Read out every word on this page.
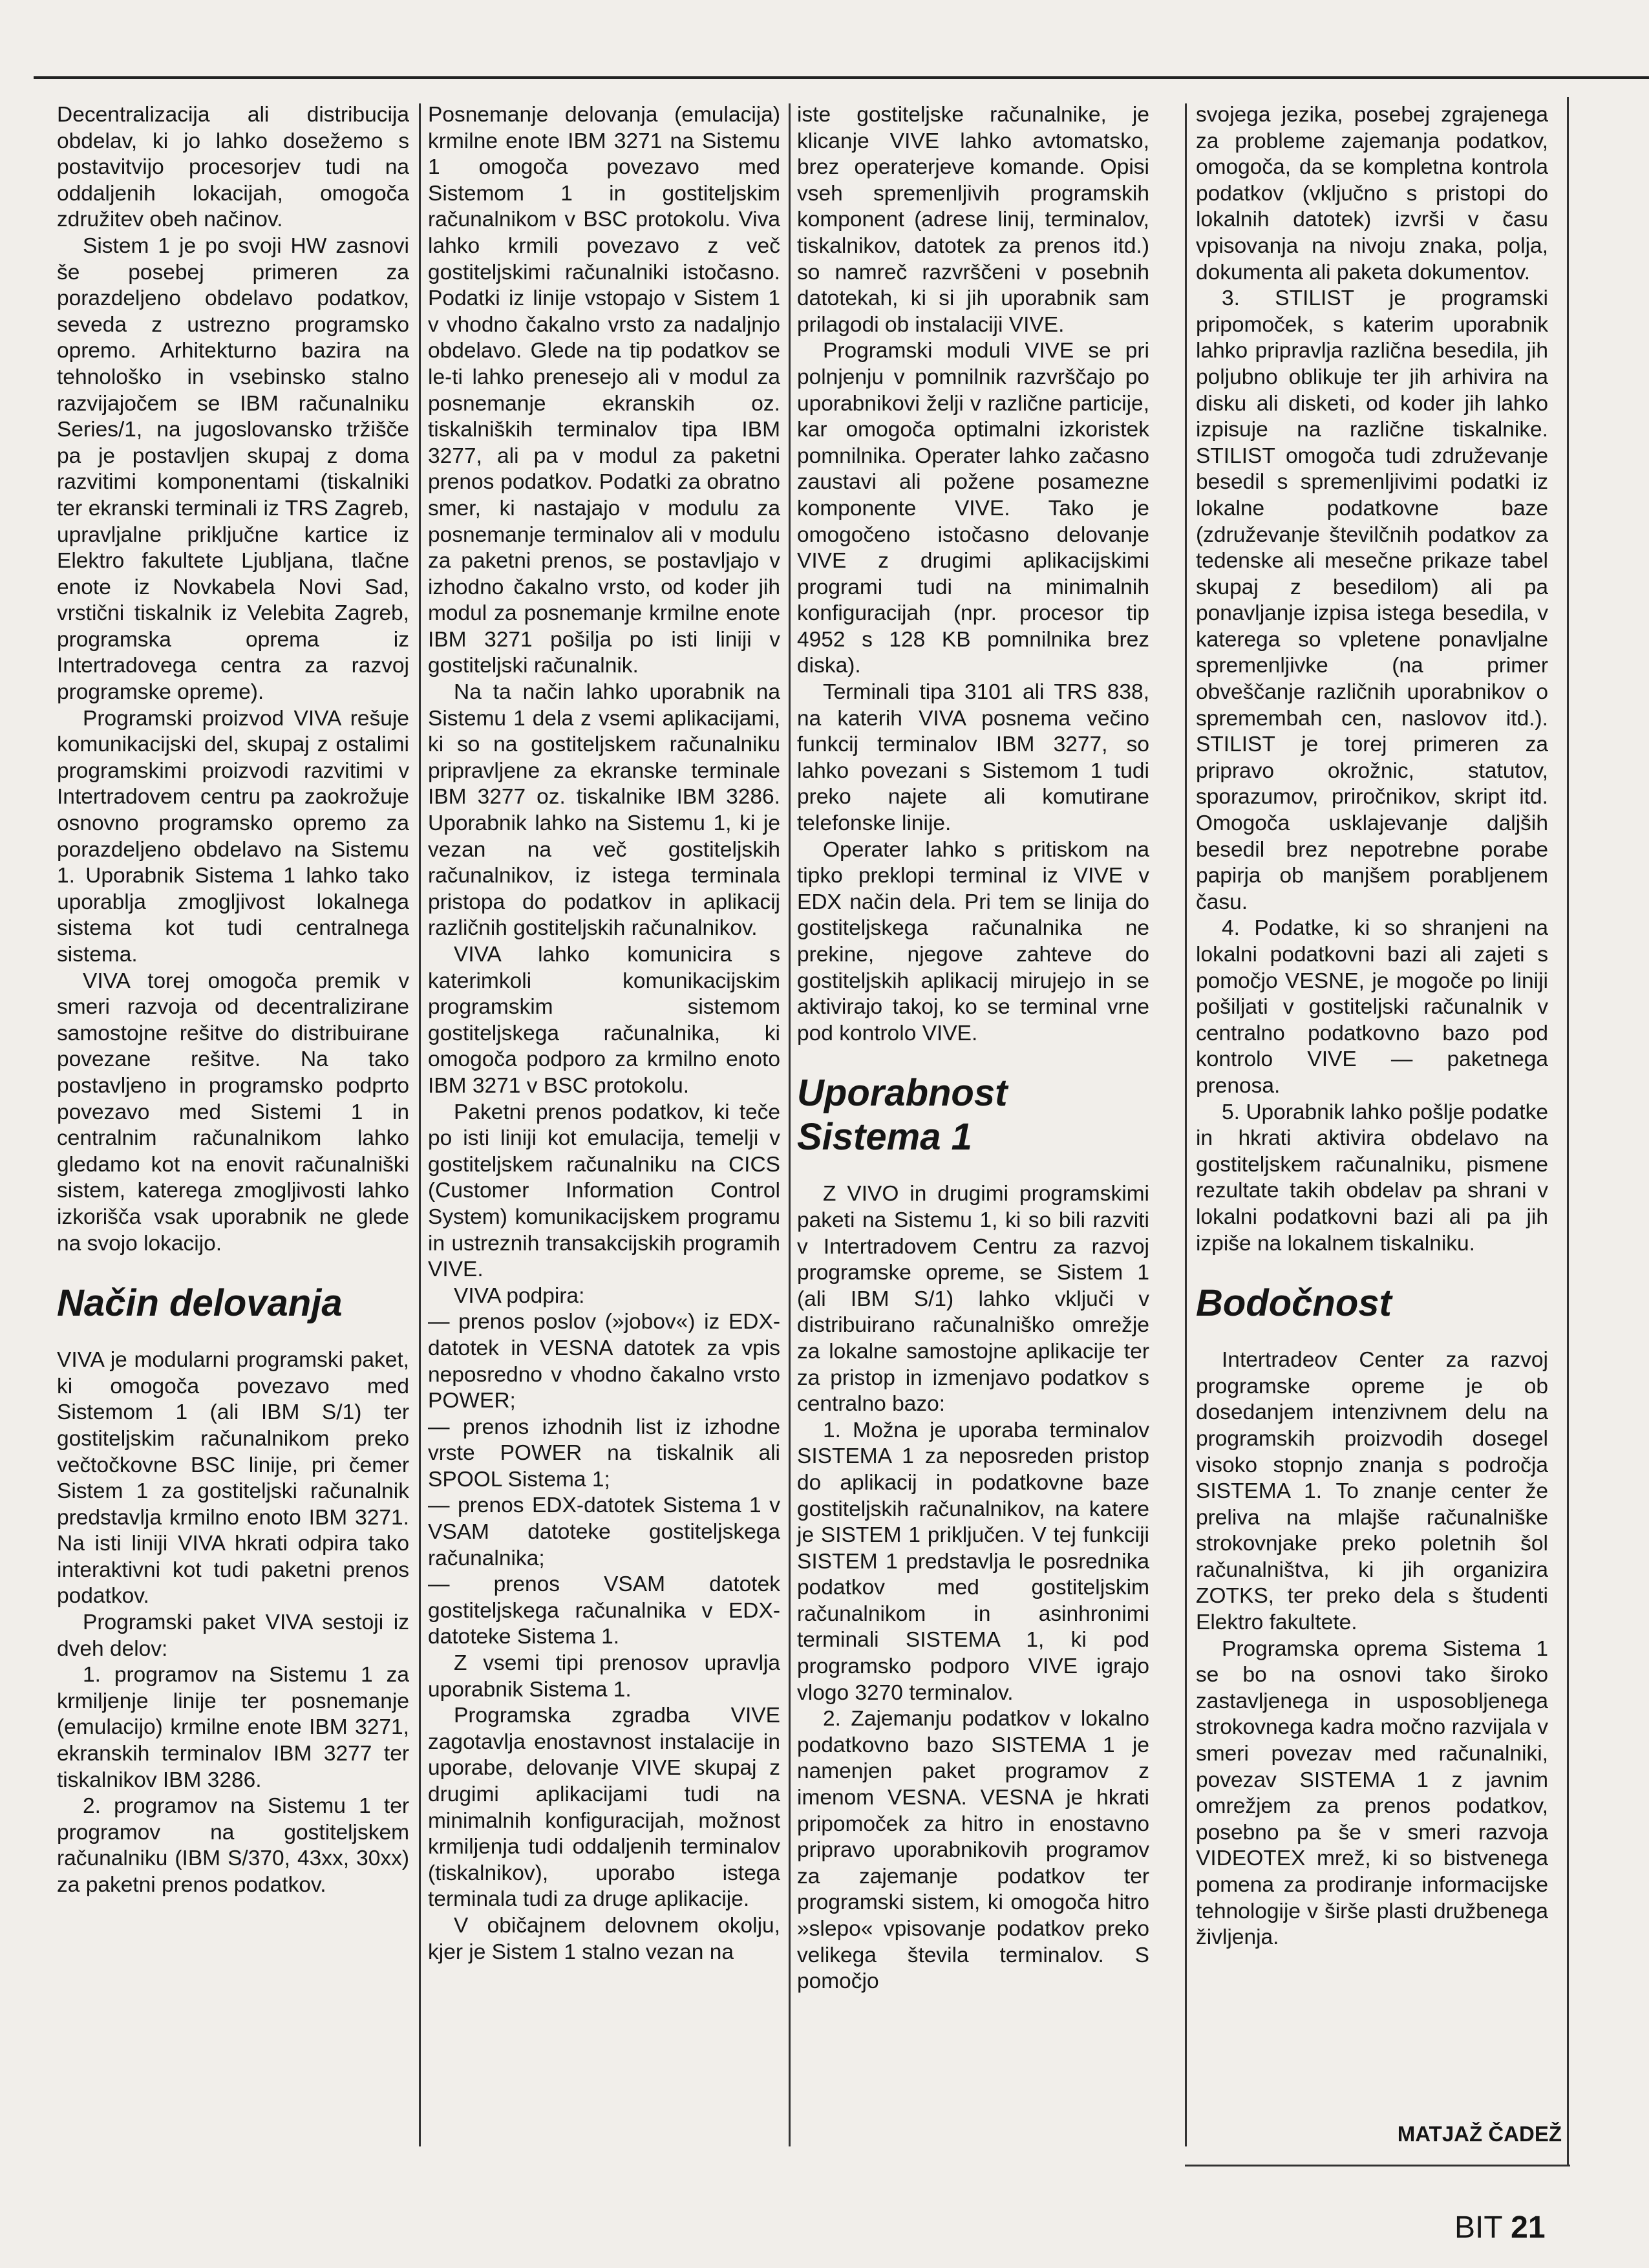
Decentralizacija ali distribucija obdelav, ki jo lahko dosežemo s postavitvijo procesorjev tudi na oddaljenih lokacijah, omogoča združitev obeh načinov.

Sistem 1 je po svoji HW zasnovi še posebej primeren za porazdeljeno obdelavo podatkov, seveda z ustrezno programsko opremo. Arhitekturno bazira na tehnološko in vsebinsko stalno razvijajočem se IBM računalniku Series/1, na jugoslovansko tržišče pa je postavljen skupaj z doma razvitimi komponentami (tiskalniki ter ekranski terminali iz TRS Zagreb, upravljalne priključne kartice iz Elektro fakultete Ljubljana, tlačne enote iz Novkabela Novi Sad, vrstični tiskalnik iz Velebita Zagreb, programska oprema iz Intertradovega centra za razvoj programske opreme).

Programski proizvod VIVA rešuje komunikacijski del, skupaj z ostalimi programskimi proizvodi razvitimi v Intertradovem centru pa zaokrožuje osnovno programsko opremo za porazdeljeno obdelavo na Sistemu 1. Uporabnik Sistema 1 lahko tako uporablja zmogljivost lokalnega sistema kot tudi centralnega sistema.

VIVA torej omogoča premik v smeri razvoja od decentraliziranе samostojne rešitve do distribuirane povezane rešitve. Na tako postavljeno in programsko podprto povezavo med Sistemi 1 in centralnim računalnikom lahko gledamo kot na enovit računalniški sistem, katerega zmogljivosti lahko izkorišča vsak uporabnik ne glede na svojo lokacijo.

Način delovanja

VIVA je modularni programski paket, ki omogoča povezavo med Sistemom 1 (ali IBM S/1) ter gostiteljskim računalnikom preko večtočkovne BSC linije, pri čemer Sistem 1 za gostiteljski računalnik predstavlja krmilno enoto IBM 3271. Na isti liniji VIVA hkrati odpira tako interaktivni kot tudi paketni prenos podatkov.

Programski paket VIVA sestoji iz dveh delov:

1. programov na Sistemu 1 za krmiljenje linije ter posnemanje (emulacijo) krmilne enote IBM 3271, ekranskih terminalov IBM 3277 ter tiskalnikov IBM 3286.

2. programov na Sistemu 1 ter programov na gostiteljskem računalniku (IBM S/370, 43xx, 30xx) za paketni prenos podatkov.

Posnemanje delovanja (emulacija) krmilne enote IBM 3271 na Sistemu 1 omogoča povezavo med Sistemom 1 in gostiteljskim računalnikom v BSC protokolu. Viva lahko krmili povezavo z več gostiteljskimi računalniki istočasno. Podatki iz linije vstopajo v Sistem 1 v vhodno čakalno vrsto za nadaljnjo obdelavo. Glede na tip podatkov se le-ti lahko prenesejo ali v modul za posnemanje ekranskih oz. tiskalniških terminalov tipa IBM 3277, ali pa v modul za paketni prenos podatkov. Podatki za obratno smer, ki nastajajo v modulu za posnemanje terminalov ali v modulu za paketni prenos, se postavljajo v izhodno čakalno vrsto, od koder jih modul za posnemanje krmilne enote IBM 3271 pošilja po isti liniji v gostiteljski računalnik.

Na ta način lahko uporabnik na Sistemu 1 dela z vsemi aplikacijami, ki so na gostiteljskem računalniku pripravljene za ekranske terminale IBM 3277 oz. tiskalnike IBM 3286. Uporabnik lahko na Sistemu 1, ki je vezan na več gostiteljskih računalnikov, iz istega terminala pristopa do podatkov in aplikacij različnih gostiteljskih računalnikov.

VIVA lahko komunicira s katerimkoli komunikacijskim programskim sistemom gostiteljskega računalnika, ki omogoča podporo za krmilno enoto IBM 3271 v BSC protokolu.

Paketni prenos podatkov, ki teče po isti liniji kot emulacija, temelji v gostiteljskem računalniku na CICS (Customer Information Control System) komunikacijskem programu in ustreznih transakcijskih programih VIVE.

VIVA podpira:

— prenos poslov (»jobov«) iz EDX-datotek in VESNA datotek za vpis neposredno v vhodno čakalno vrsto POWER;

— prenos izhodnih list iz izhodne vrste POWER na tiskalnik ali SPOOL Sistema 1;

— prenos EDX-datotek Sistema 1 v VSAM datoteke gostiteljskega računalnika;

— prenos VSAM datotek gostiteljskega računalnika v EDX-datoteke Sistema 1.

Z vsemi tipi prenosov upravlja uporabnik Sistema 1.

Programska zgradba VIVE zagotavlja enostavnost instalacije in uporabe, delovanje VIVE skupaj z drugimi aplikacijami tudi na minimalnih konfiguracijah, možnost krmiljenja tudi oddaljenih terminalov (tiskalnikov), uporabo istega terminala tudi za druge aplikacije.

V običajnem delovnem okolju, kjer je Sistem 1 stalno vezan na

iste gostiteljske računalnike, je klicanje VIVE lahko avtomatsko, brez operaterjeve komande. Opisi vseh spremenljivih programskih komponent (adrese linij, terminalov, tiskalnikov, datotek za prenos itd.) so namreč razvrščeni v posebnih datotekah, ki si jih uporabnik sam prilagodi ob instalaciji VIVE.

Programski moduli VIVE se pri polnjenju v pomnilnik razvrščajo po uporabnikovi želji v različne particije, kar omogoča optimalni izkoristek pomnilnika. Operater lahko začasno zaustavi ali požene posamezne komponente VIVE. Tako je omogočeno istočasno delovanje VIVE z drugimi aplikacijskimi programi tudi na minimalnih konfiguracijah (npr. procesor tip 4952 s 128 KB pomnilnika brez diska).

Terminali tipa 3101 ali TRS 838, na katerih VIVA posnema večino funkcij terminalov IBM 3277, so lahko povezani s Sistemom 1 tudi preko najete ali komutirane telefonske linije.

Operater lahko s pritiskom na tipko preklopi terminal iz VIVE v EDX način dela. Pri tem se linija do gostiteljskega računalnika ne prekine, njegove zahteve do gostiteljskih aplikacij mirujejo in se aktivirajo takoj, ko se terminal vrne pod kontrolo VIVE.

Uporabnost Sistema 1

Z VIVO in drugimi programskimi paketi na Sistemu 1, ki so bili razviti v Intertradovem Centru za razvoj programske opreme, se Sistem 1 (ali IBM S/1) lahko vključi v distribuirano računalniško omrežje za lokalne samostojne aplikacije ter za pristop in izmenjavo podatkov s centralno bazo:

1. Možna je uporaba terminalov SISTEMA 1 za neposreden pristop do aplikacij in podatkovne baze gostiteljskih računalnikov, na katere je SISTEM 1 priključen. V tej funkciji SISTEM 1 predstavlja le posrednika podatkov med gostiteljskim računalnikom in asinhronimi terminali SISTEMA 1, ki pod programsko podporo VIVE igrajo vlogo 3270 terminalov.

2. Zajemanju podatkov v lokalno podatkovno bazo SISTEMA 1 je namenjen paket programov z imenom VESNA. VESNA je hkrati pripomoček za hitro in enostavno pripravo uporabnikovih programov za zajemanje podatkov ter programski sistem, ki omogoča hitro »slepo« vpisovanje podatkov preko velikega števila terminalov. S pomočjo

svojega jezika, posebej zgrajenega za probleme zajemanja podatkov, omogoča, da se kompletna kontrola podatkov (vključno s pristopi do lokalnih datotek) izvrši v času vpisovanja na nivoju znaka, polja, dokumenta ali paketa dokumentov.

3. STILIST je programski pripomoček, s katerim uporabnik lahko pripravlja različna besedila, jih poljubno oblikuje ter jih arhivira na disku ali disketi, od koder jih lahko izpisuje na različne tiskalnike. STILIST omogoča tudi združevanje besedil s spremenljivimi podatki iz lokalne podatkovne baze (združevanje številčnih podatkov za tedenske ali mesečne prikaze tabel skupaj z besedilom) ali pa ponavljanje izpisa istega besedila, v katerega so vpletene ponavljalne spremenljivke (na primer obveščanje različnih uporabnikov o spremembah cen, naslovov itd.). STILIST je torej primeren za pripravo okrožnic, statutov, sporazumov, priročnikov, skript itd. Omogoča usklajevanje daljših besedil brez nepotrebne porabe papirja ob manjšem porabljenem času.

4. Podatke, ki so shranjeni na lokalni podatkovni bazi ali zajeti s pomočjo VESNE, je mogoče po liniji pošiljati v gostiteljski računalnik v centralno podatkovno bazo pod kontrolo VIVE — paketnega prenosa.

5. Uporabnik lahko pošlje podatke in hkrati aktivira obdelavo na gostiteljskem računalniku, pismene rezultate takih obdelav pa shrani v lokalni podatkovni bazi ali pa jih izpiše na lokalnem tiskalniku.

Bodočnost

Intertradeov Center za razvoj programske opreme je ob dosedanjem intenzivnem delu na programskih proizvodih dosegel visoko stopnjo znanja s področja SISTEMA 1. To znanje center že preliva na mlajše računalniške strokovnjake preko poletnih šol računalništva, ki jih organizira ZOTKS, ter preko dela s študenti Elektro fakultete.

Programska oprema Sistema 1 se bo na osnovi tako široko zastavljenega in usposobljenega strokovnega kadra močno razvijala v smeri povezav med računalniki, povezav SISTEMA 1 z javnim omrežjem za prenos podatkov, posebno pa še v smeri razvoja VIDEOTEX mrež, ki so bistvenega pomena za prodiranje informacijske tehnologije v širše plasti družbenega življenja.

MATJAŽ ČADEŽ
BIT 21
